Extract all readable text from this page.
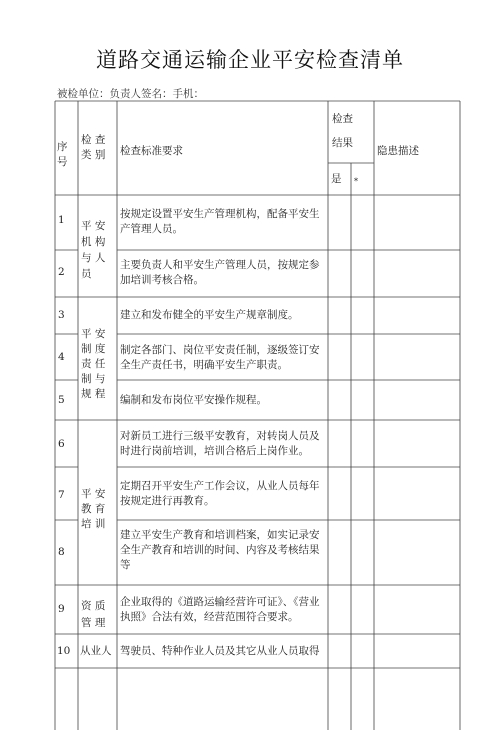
道路交通运输企业平安检查清单
被检单位：负责人签名：手机：
序号
检 查 类 别	检查标准要求
检查
结果
是	*
隐患描述
平 安 机 构与 人员
平 安 制 度 责 任 制 与 规 程
平 安 教 育培 训
资 质 管 理
从业人
1
2
3
4
5
6
7
8
9
10
按规定设置平安生产管理机构，配备平安生产管理人员。
主要负责人和平安生产管理人员，按规定参加培训考核合格。
建立和发布健全的平安生产规章制度。
制定各部门、岗位平安责任制，逐级签订安全生产责任书，明确平安生产职责。
编制和发布岗位平安操作规程。
对新员工进行三级平安教育，对转岗人员及时进行岗前培训，培训合格后上岗作业。
定期召开平安生产工作会议，从业人员每年按规定进行再教育。
建立平安生产教育和培训档案，如实记录安全生产教育和培训的时间、内容及考核结果等
企业取得的《道路运输经营许可证》、《营业执照》合法有效，经营范围符合要求。
驾驶员、特种作业人员及其它从业人员取得
